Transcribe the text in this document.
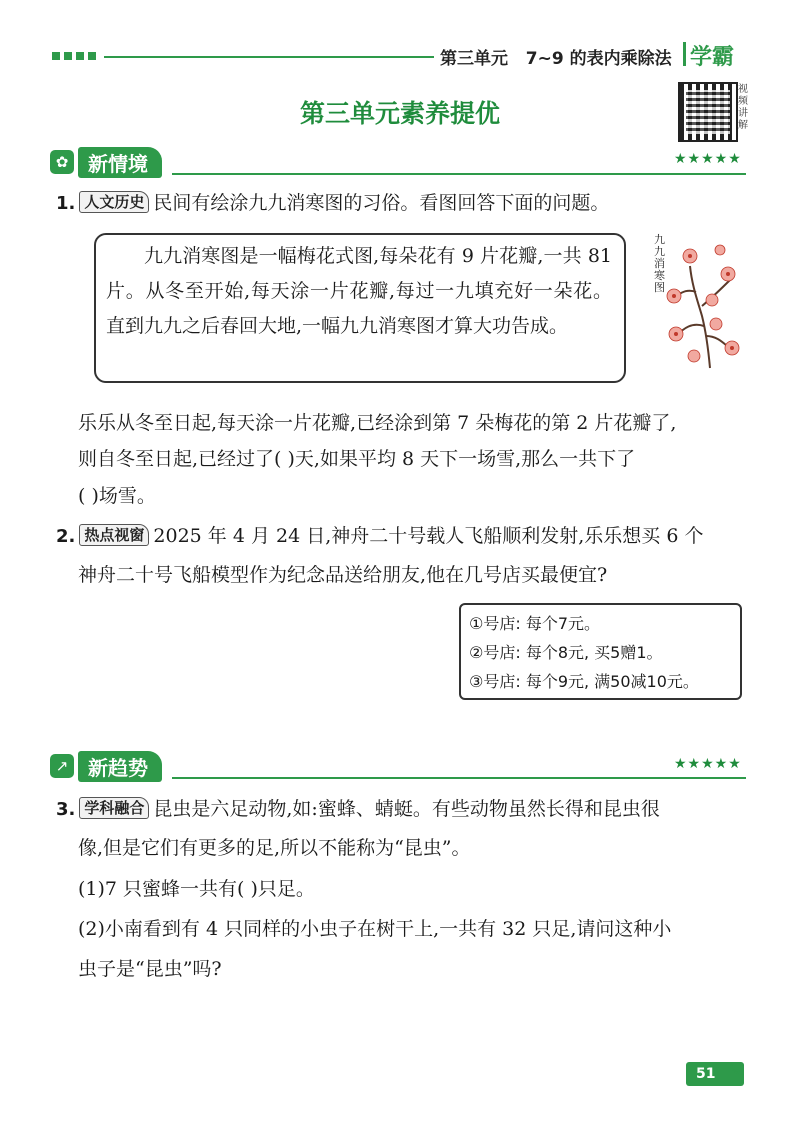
第三单元   7~9 的表内乘除法 学霸
第三单元素养提优
视频讲解
✿ 新情境	★★★★★
1. 人文历史 民间有绘涂九九消寒图的习俗。看图回答下面的问题。

九九消寒图是一幅梅花式图,每朵花有 9 片花瓣,一共 81 片。从冬至开始,每天涂一片花瓣,每过一九填充好一朵花。直到九九之后春回大地,一幅九九消寒图才算大功告成。

九九消寒图
乐乐从冬至日起,每天涂一片花瓣,已经涂到第 7 朵梅花的第 2 片花瓣了,
则自冬至日起,已经过了( )天,如果平均 8 天下一场雪,那么一共下了
( )场雪。
2. 热点视窗 2025 年 4 月 24 日,神舟二十号载人飞船顺利发射,乐乐想买 6 个
神舟二十号飞船模型作为纪念品送给朋友,他在几号店买最便宜?
①号店: 每个7元。
②号店: 每个8元, 买5赠1。
③号店: 每个9元, 满50减10元。
↗ 新趋势	★★★★★
3. 学科融合 昆虫是六足动物,如:蜜蜂、蜻蜓。有些动物虽然长得和昆虫很
像,但是它们有更多的足,所以不能称为“昆虫”。
(1)7 只蜜蜂一共有( )只足。
(2)小南看到有 4 只同样的小虫子在树干上,一共有 32 只足,请问这种小
虫子是“昆虫”吗?
51 ✎
